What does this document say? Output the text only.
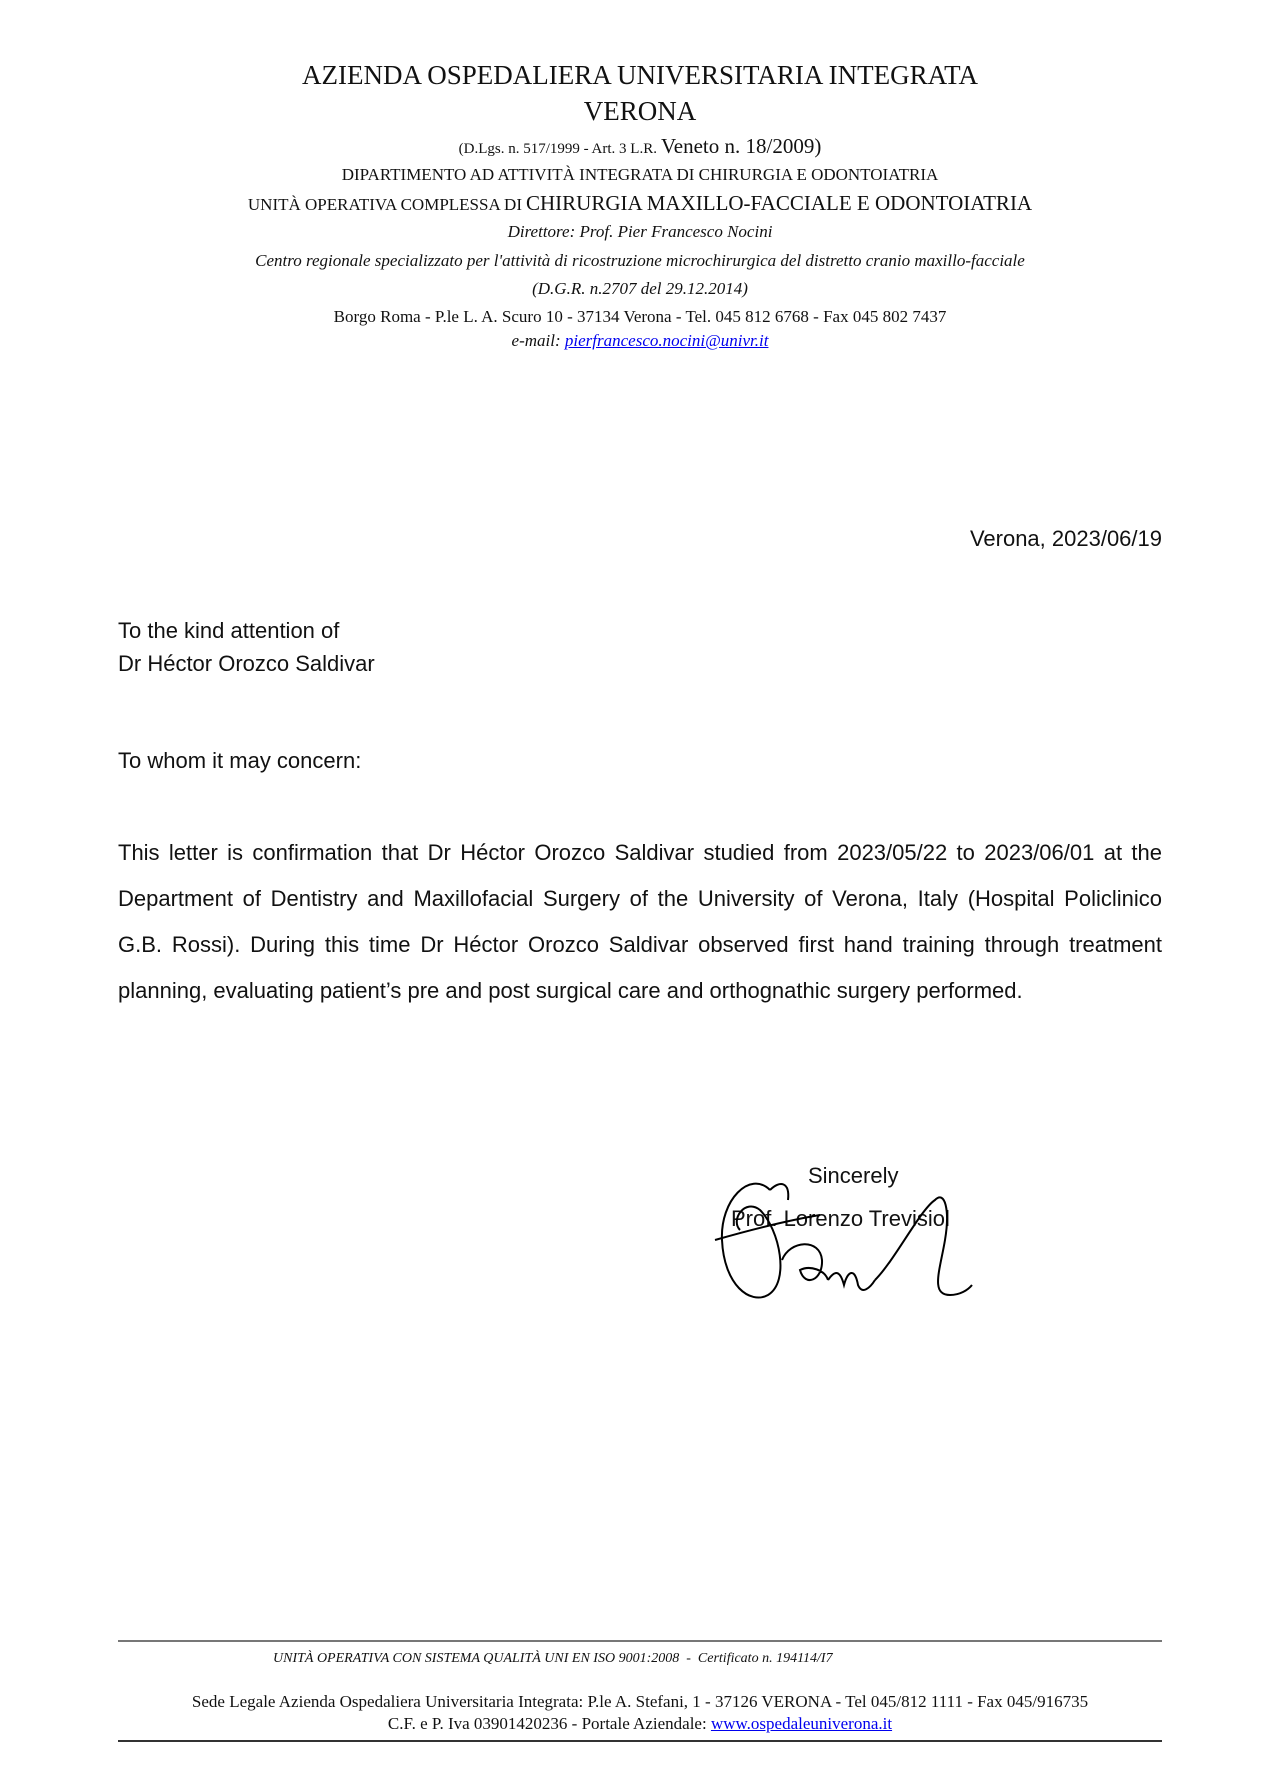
AZIENDA OSPEDALIERA UNIVERSITARIA INTEGRATA
VERONA
(D.Lgs. n. 517/1999 - Art. 3 L.R. Veneto n. 18/2009)
DIPARTIMENTO AD ATTIVITÀ INTEGRATA DI CHIRURGIA E ODONTOIATRIA
UNITÀ OPERATIVA COMPLESSA DI CHIRURGIA MAXILLO-FACCIALE E ODONTOIATRIA
Direttore: Prof. Pier Francesco Nocini
Centro regionale specializzato per l'attività di ricostruzione microchirurgica del distretto cranio maxillo-facciale
(D.G.R. n.2707 del 29.12.2014)
Borgo Roma - P.le L. A. Scuro 10 - 37134 Verona - Tel. 045 812 6768 - Fax 045 802 7437
e-mail: pierfrancesco.nocini@univr.it
Verona, 2023/06/19
To the kind attention of
Dr Héctor Orozco Saldivar
To whom it may concern:
This letter is confirmation that Dr Héctor Orozco Saldivar studied from 2023/05/22 to 2023/06/01 at the Department of Dentistry and Maxillofacial Surgery of the University of Verona, Italy (Hospital Policlinico G.B. Rossi). During this time Dr Héctor Orozco Saldivar observed first hand training through treatment planning, evaluating patient’s pre and post surgical care and orthognathic surgery performed.
Sincerely
Prof. Lorenzo Trevisiol
UNITÀ OPERATIVA CON SISTEMA QUALITÀ UNI EN ISO 9001:2008  -  Certificato n. 194114/I7
Sede Legale Azienda Ospedaliera Universitaria Integrata: P.le A. Stefani, 1 - 37126 VERONA - Tel 045/812 1111 - Fax 045/916735
C.F. e P. Iva 03901420236 - Portale Aziendale: www.ospedaleuniverona.it
